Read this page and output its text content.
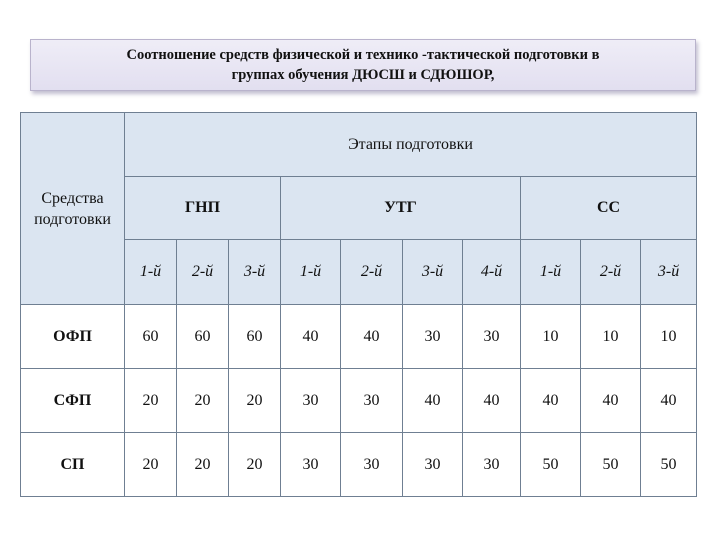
Соотношение средств физической и технико -тактической подготовки в
группах обучения ДЮСШ и СДЮШОР,
Средства подготовки	Этапы подготовки									
	ГНП			УТГ				СС		
	1-й	2-й	3-й	1-й	2-й	3-й	4-й	1-й	2-й	3-й
ОФП	60	60	60	40	40	30	30	10	10	10
СФП	20	20	20	30	30	40	40	40	40	40
СП	20	20	20	30	30	30	30	50	50	50
